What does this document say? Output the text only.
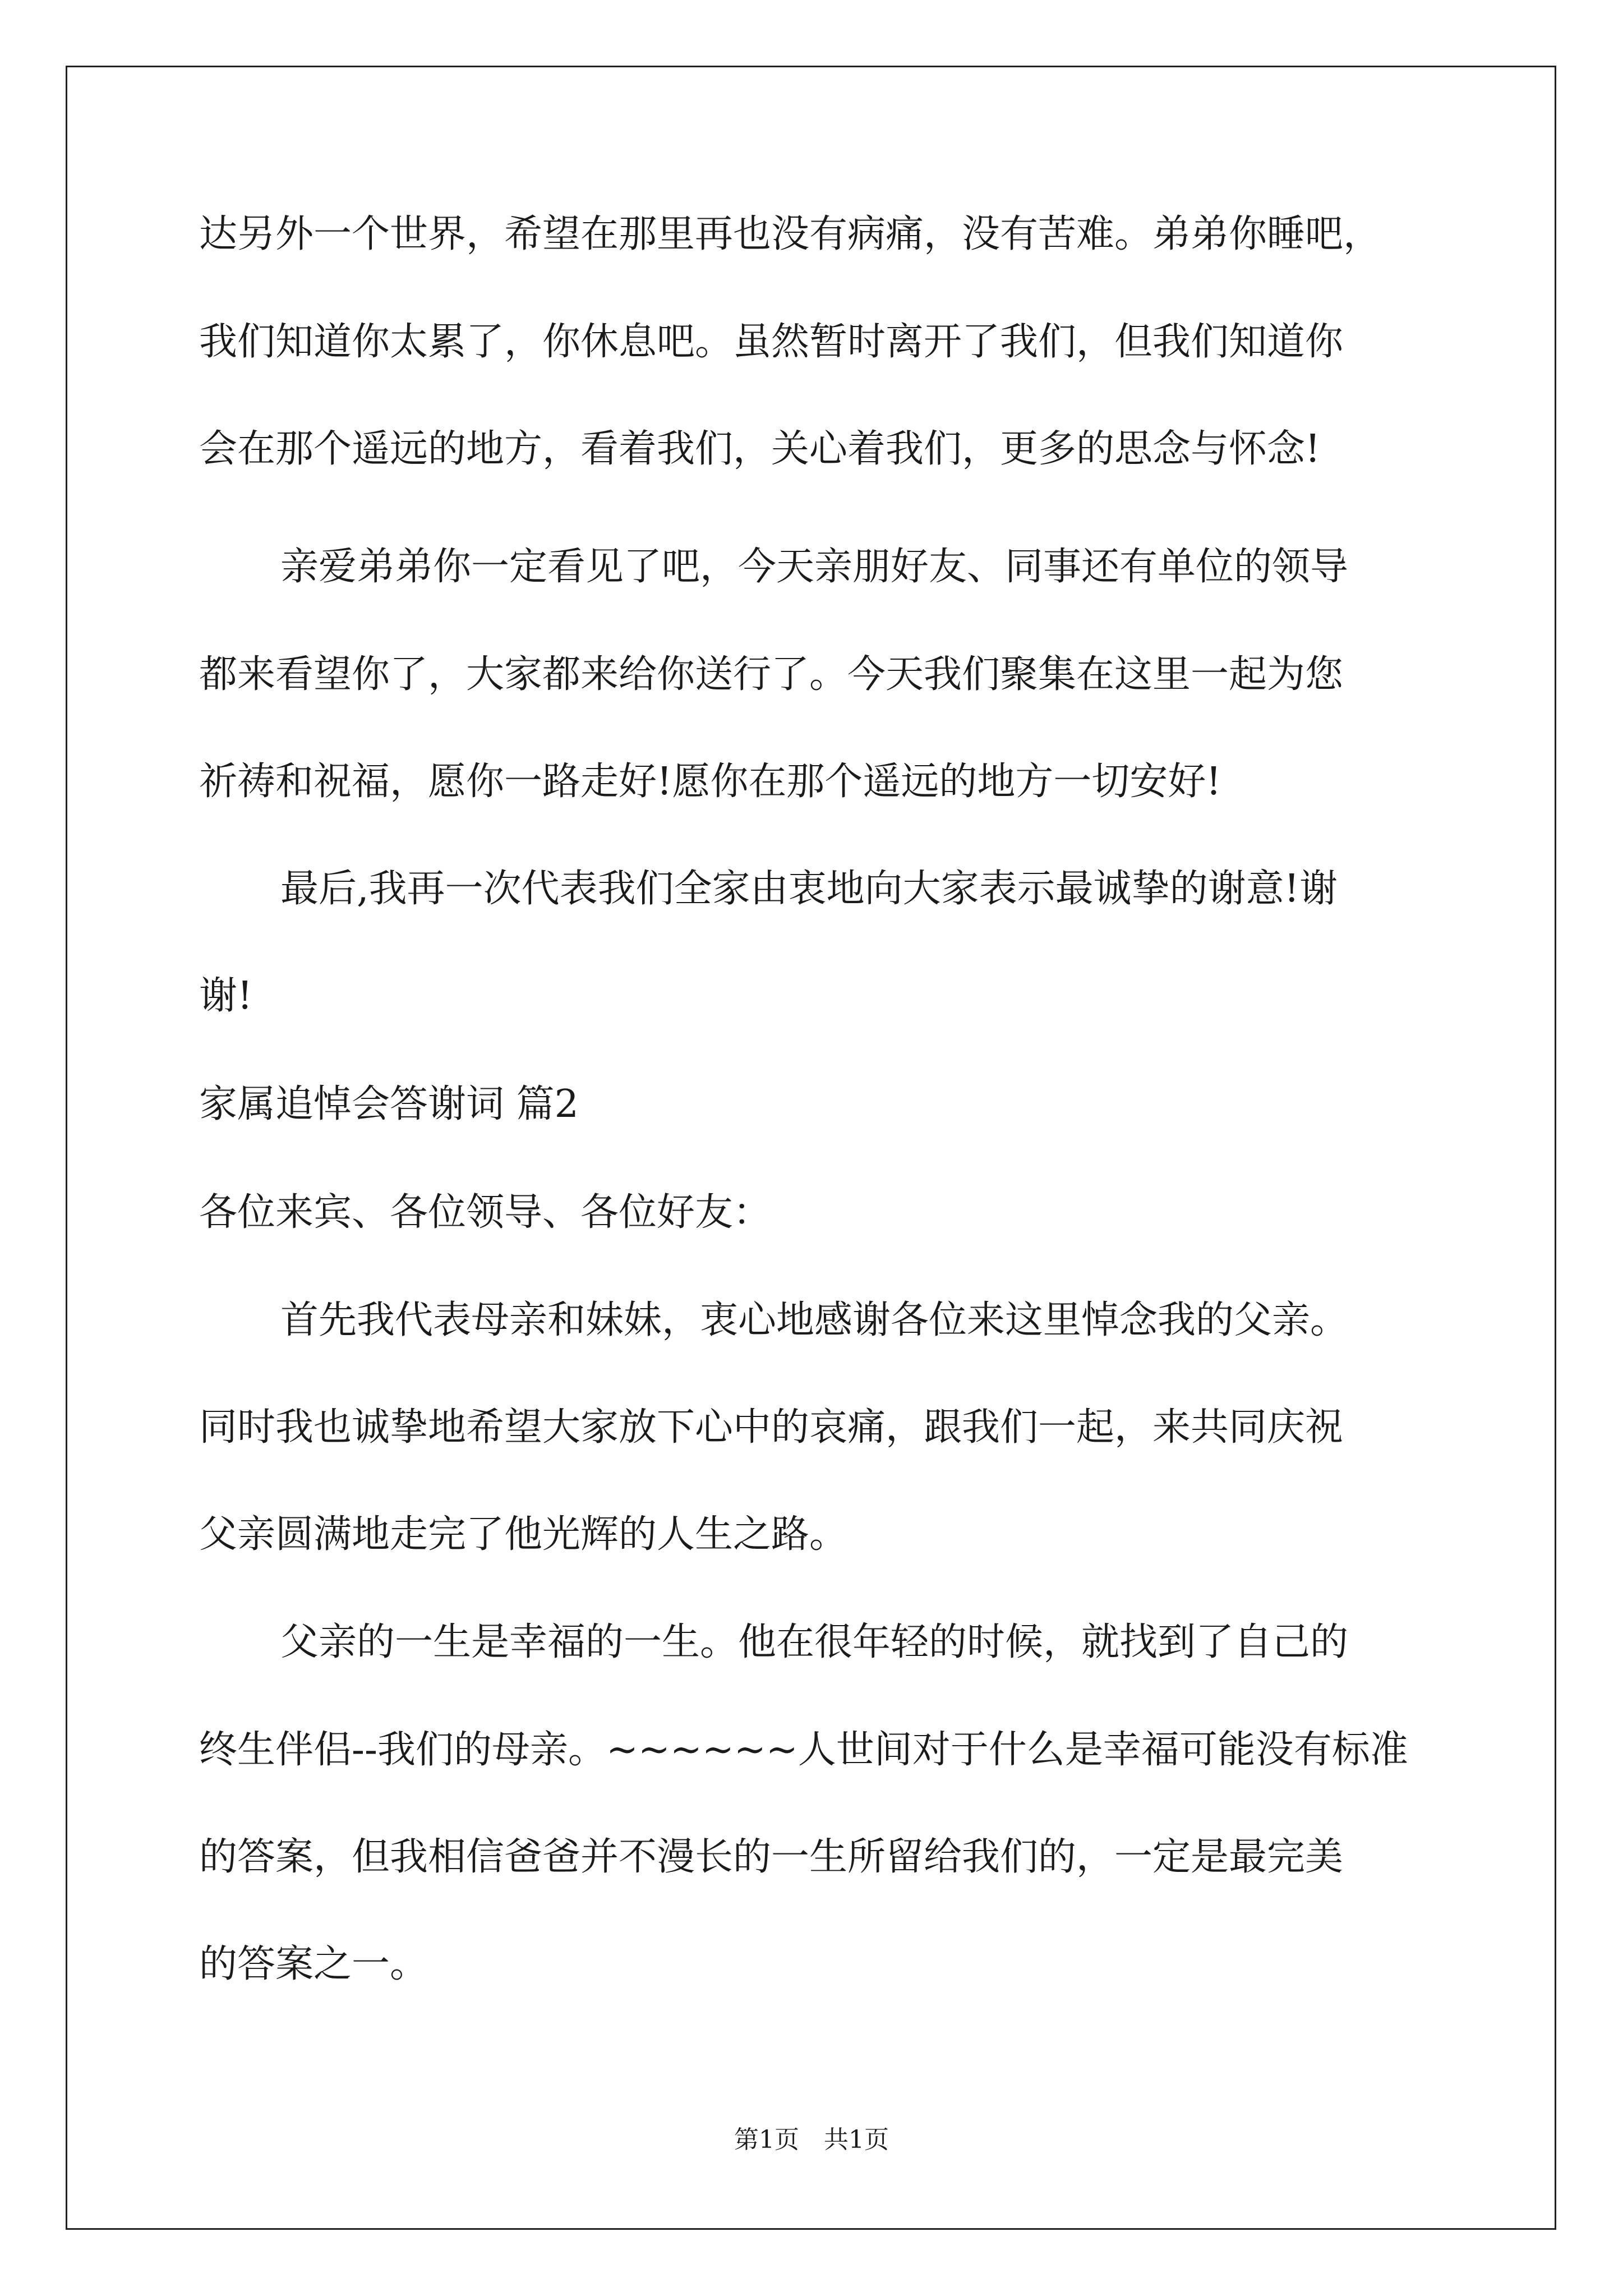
达另外一个世界，希望在那里再也没有病痛，没有苦难。弟弟你睡吧，

我们知道你太累了，你休息吧。虽然暂时离开了我们，但我们知道你

会在那个遥远的地方，看着我们，关心着我们，更多的思念与怀念!

亲爱弟弟你一定看见了吧，今天亲朋好友、同事还有单位的领导

都来看望你了，大家都来给你送行了。今天我们聚集在这里一起为您

祈祷和祝福，愿你一路走好!愿你在那个遥远的地方一切安好!

最后,我再一次代表我们全家由衷地向大家表示最诚挚的谢意!谢

谢!

家属追悼会答谢词 篇2

各位来宾、各位领导、各位好友：

首先我代表母亲和妹妹，衷心地感谢各位来这里悼念我的父亲。

同时我也诚挚地希望大家放下心中的哀痛，跟我们一起，来共同庆祝

父亲圆满地走完了他光辉的人生之路。

父亲的一生是幸福的一生。他在很年轻的时候，就找到了自己的

终生伴侣--我们的母亲。~~~~~~人世间对于什么是幸福可能没有标准

的答案，但我相信爸爸并不漫长的一生所留给我们的，一定是最完美

的答案之一。

第1页　共1页
